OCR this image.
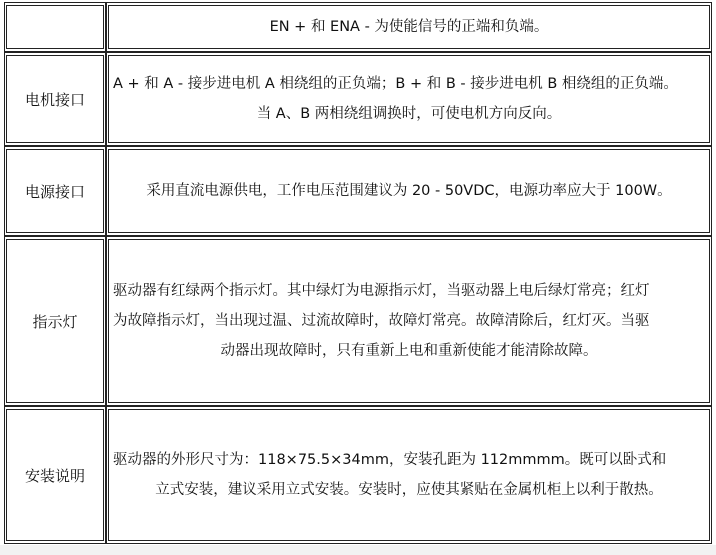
	EN + 和 ENA - 为使能信号的正端和负端。

电机接口	A + 和 A - 接步进电机 A 相绕组的正负端；B + 和 B - 接步进电机 B 相绕组的正负端。
当 A、B 两相绕组调换时，可使电机方向反向。

电源接口	采用直流电源供电，工作电压范围建议为 20 - 50VDC，电源功率应大于 100W。

指示灯	驱动器有红绿两个指示灯。其中绿灯为电源指示灯，当驱动器上电后绿灯常亮；红灯
为故障指示灯，当出现过温、过流故障时，故障灯常亮。故障清除后，红灯灭。当驱
动器出现故障时，只有重新上电和重新使能才能清除故障。

安装说明	驱动器的外形尺寸为：118×75.5×34mm，安装孔距为 112mmmm。既可以卧式和
立式安装，建议采用立式安装。安装时，应使其紧贴在金属机柜上以利于散热。
